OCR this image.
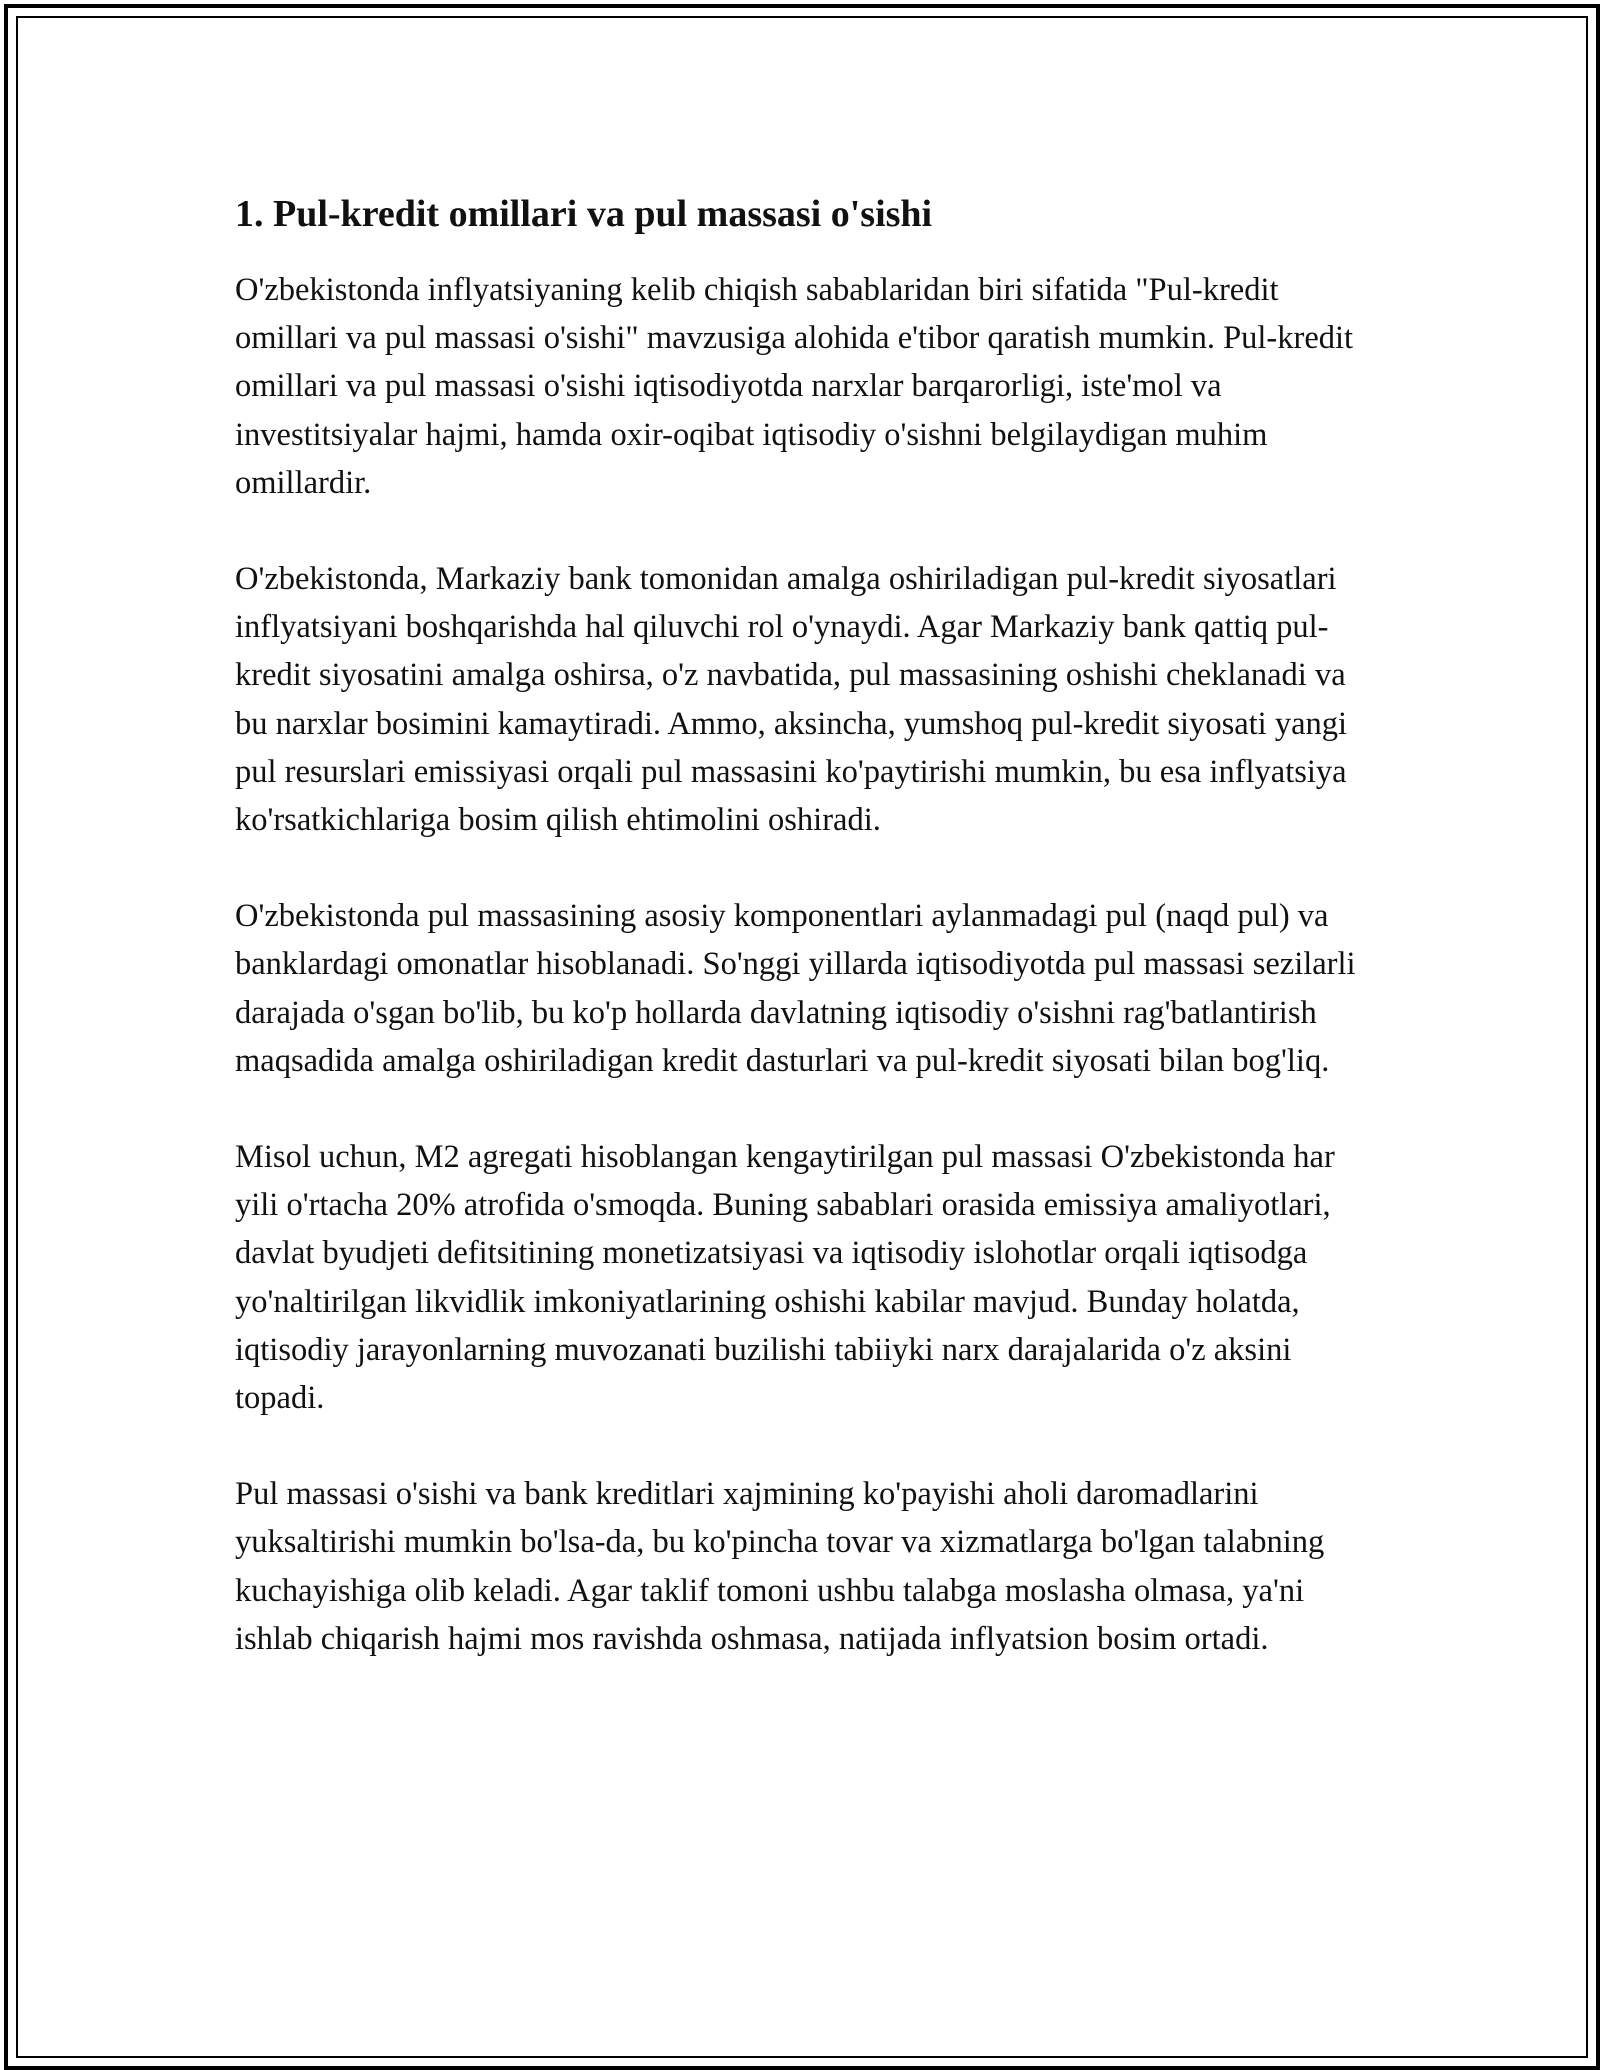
1. Pul-kredit omillari va pul massasi o'sishi

O'zbekistonda inflyatsiyaning kelib chiqish sabablaridan biri sifatida "Pul-kredit omillari va pul massasi o'sishi" mavzusiga alohida e'tibor qaratish mumkin. Pul-kredit omillari va pul massasi o'sishi iqtisodiyotda narxlar barqarorligi, iste'mol va investitsiyalar hajmi, hamda oxir-oqibat iqtisodiy o'sishni belgilaydigan muhim omillardir.

O'zbekistonda, Markaziy bank tomonidan amalga oshiriladigan pul-kredit siyosatlari inflyatsiyani boshqarishda hal qiluvchi rol o'ynaydi. Agar Markaziy bank qattiq pul-kredit siyosatini amalga oshirsa, o'z navbatida, pul massasining oshishi cheklanadi va bu narxlar bosimini kamaytiradi. Ammo, aksincha, yumshoq pul-kredit siyosati yangi pul resurslari emissiyasi orqali pul massasini ko'paytirishi mumkin, bu esa inflyatsiya ko'rsatkichlariga bosim qilish ehtimolini oshiradi.

O'zbekistonda pul massasining asosiy komponentlari aylanmadagi pul (naqd pul) va banklardagi omonatlar hisoblanadi. So'nggi yillarda iqtisodiyotda pul massasi sezilarli darajada o'sgan bo'lib, bu ko'p hollarda davlatning iqtisodiy o'sishni rag'batlantirish maqsadida amalga oshiriladigan kredit dasturlari va pul-kredit siyosati bilan bog'liq.

Misol uchun, M2 agregati hisoblangan kengaytirilgan pul massasi O'zbekistonda har yili o'rtacha 20% atrofida o'smoqda. Buning sabablari orasida emissiya amaliyotlari, davlat byudjeti defitsitining monetizatsiyasi va iqtisodiy islohotlar orqali iqtisodga yo'naltirilgan likvidlik imkoniyatlarining oshishi kabilar mavjud. Bunday holatda, iqtisodiy jarayonlarning muvozanati buzilishi tabiiyki narx darajalarida o'z aksini topadi.

Pul massasi o'sishi va bank kreditlari xajmining ko'payishi aholi daromadlarini yuksaltirishi mumkin bo'lsa-da, bu ko'pincha tovar va xizmatlarga bo'lgan talabning kuchayishiga olib keladi. Agar taklif tomoni ushbu talabga moslasha olmasa, ya'ni ishlab chiqarish hajmi mos ravishda oshmasa, natijada inflyatsion bosim ortadi.
